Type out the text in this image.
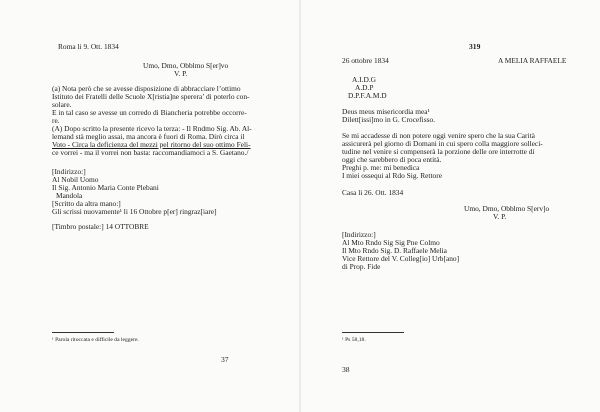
Roma li 9. Ott. 1834
Umo, Dmo, Obblmo S[er]vo
V. P.
(a) Nota però che se avesse disposizione di abbracciare l’ottimo
Istituto dei Fratelli delle Scuole X[ristia]ne sperera’ di poterlo con-
solare.
E in tal caso se avesse un corredo di Biancheria potrebbe occorre-
re.
(A) Dopo scritto la presente ricevo la terza: - Il Rndmo Sig. Ab. Al-
lemand stà meglio assai, ma ancora è fuori di Roma. Dirò circa il
Voto - Circa la deficienza del mezzi pel ritorno del suo ottimo Feli-
ce vorrei - ma il vorrei non basta: raccomandiamoci a S. Gaetano./
[Indirizzo:]
Al Nobil Uomo
Il Sig. Antonio Maria Conte Plebani
Mandola
[Scritto da altra mano:]
Gli scrissi nuovamente¹ li 16 Ottobre p[er] ringraz[iare]
[Timbro postale:] 14 OTTOBRE
¹ Parola ritoccata e difficile da leggere.
37
319
26 ottobre 1834	A MELIA RAFFAELE
A.I.D.G
A.D.P
D.P.F.A.M.D
Deus meus misericordia mea¹
Dilett[issi]mo in G. Crocefisso.
Se mi accadesse di non potere oggi venire spero che la sua Carità
assicurerà pel giorno di Domani in cui spero colla maggiore sollеci-
tudine nel venire si compenserà la porzione delle ore interrotte di
oggi che sarebbero di poca entità.
Preghi p. me: mi benedica
I miei ossequi al Rdo Sig. Rettore
Casa li 26. Ott. 1834
Umo, Dmo, Obblmo S[erv]o
V. P.
[Indirizzo:]
Al Mto Rndo Sig Sig Pne Colmo
Il Mto Rndo Sig. D. Raffaele Melia
Vice Rettore del V. Colleg[io] Urb[ano]
di Prop. Fide
¹ Ps 58,18.
38
